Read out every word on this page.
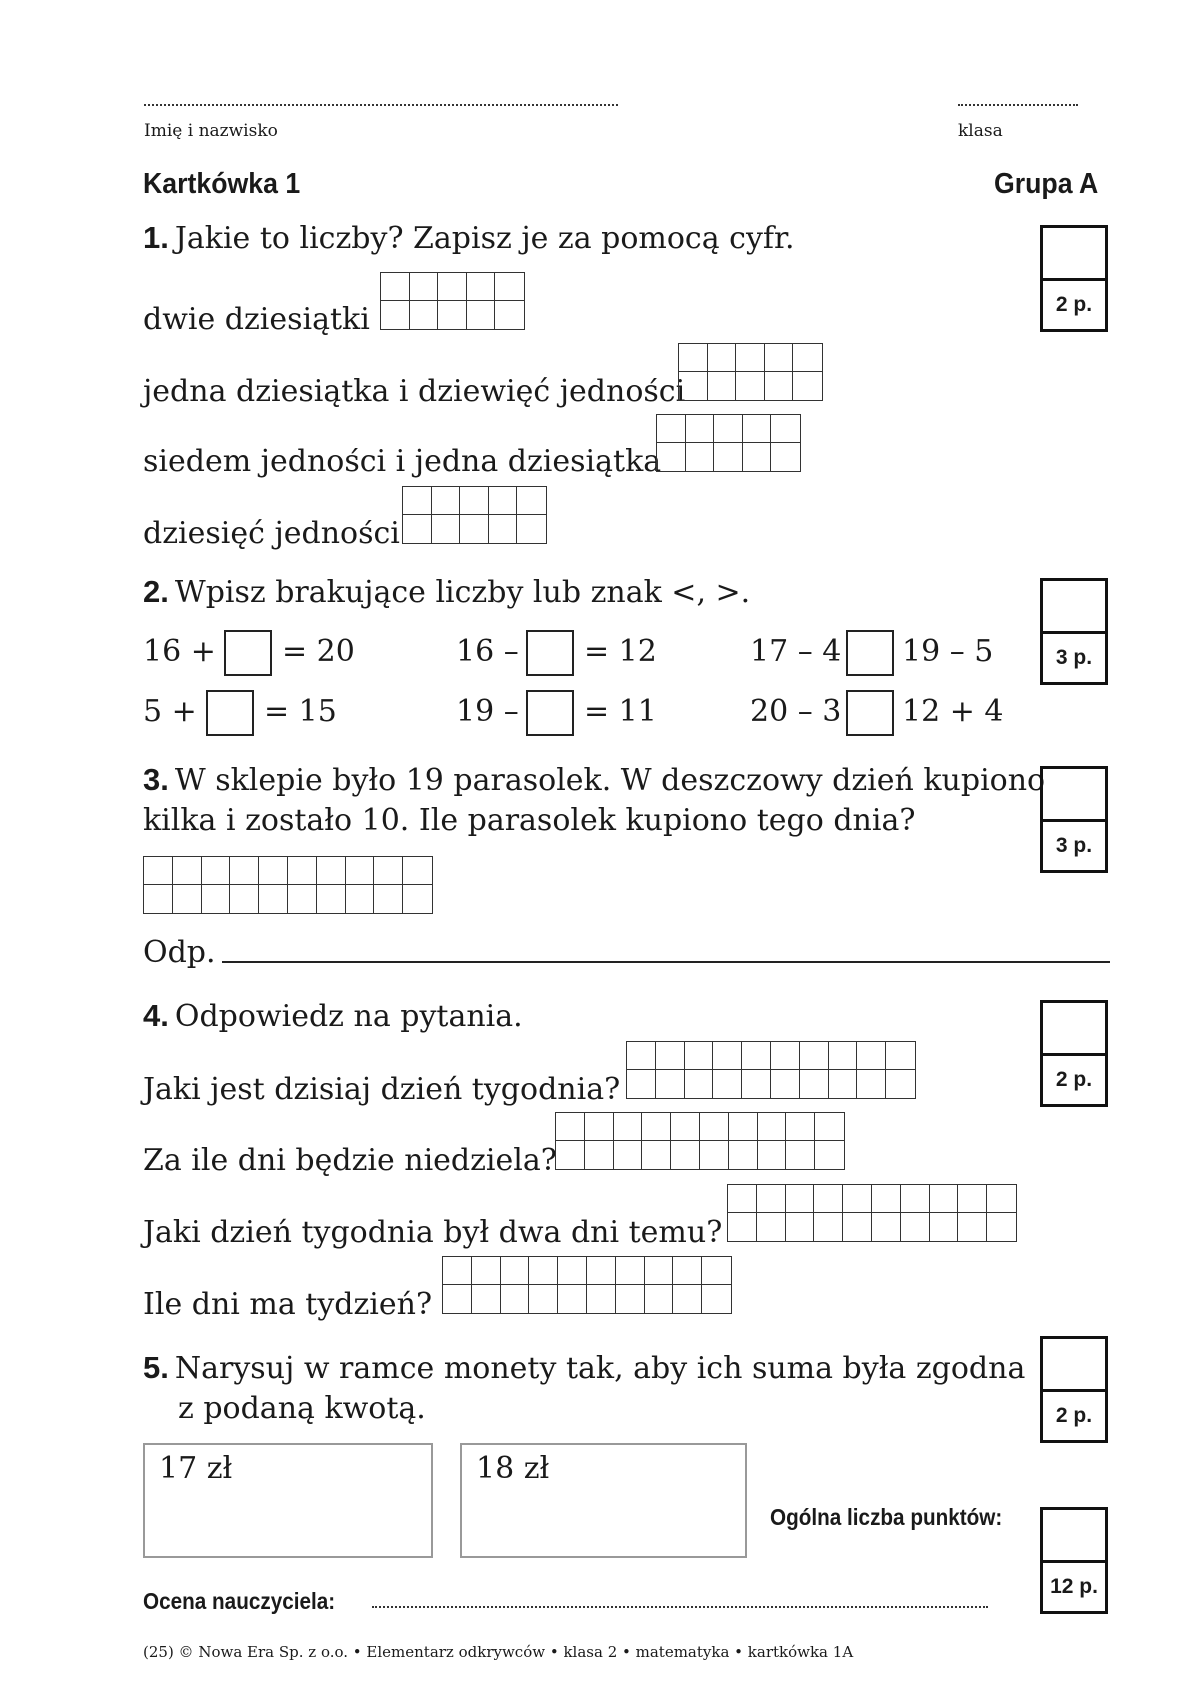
Imię i nazwisko	klasa
Kartkówka 1	Grupa A
1. Jakie to liczby? Zapisz je za pomocą cyfr.
2 p.
dwie dziesiątki
jedna dziesiątka i dziewięć jedności
siedem jedności i jedna dziesiątka
dziesięć jedności
2. Wpisz brakujące liczby lub znak <, >.
3 p.
16 + = 20	16 – = 12	17 – 4 19 – 5
5 + = 15	19 – = 11	20 – 3 12 + 4
3. W sklepie było 19 parasolek. W deszczowy dzień kupiono
kilka i zostało 10. Ile parasolek kupiono tego dnia?
3 p.
Odp.
4. Odpowiedz na pytania.
2 p.
Jaki jest dzisiaj dzień tygodnia?
Za ile dni będzie niedziela?
Jaki dzień tygodnia był dwa dni temu?
Ile dni ma tydzień?
5. Narysuj w ramce monety tak, aby ich suma była zgodna
z podaną kwotą.	2 p.
17 zł	18 zł
Ogólna liczba punktów:
12 p.
Ocena nauczyciela:
(25) © Nowa Era Sp. z o.o. • Elementarz odkrywców • klasa 2 • matematyka • kartkówka 1A
